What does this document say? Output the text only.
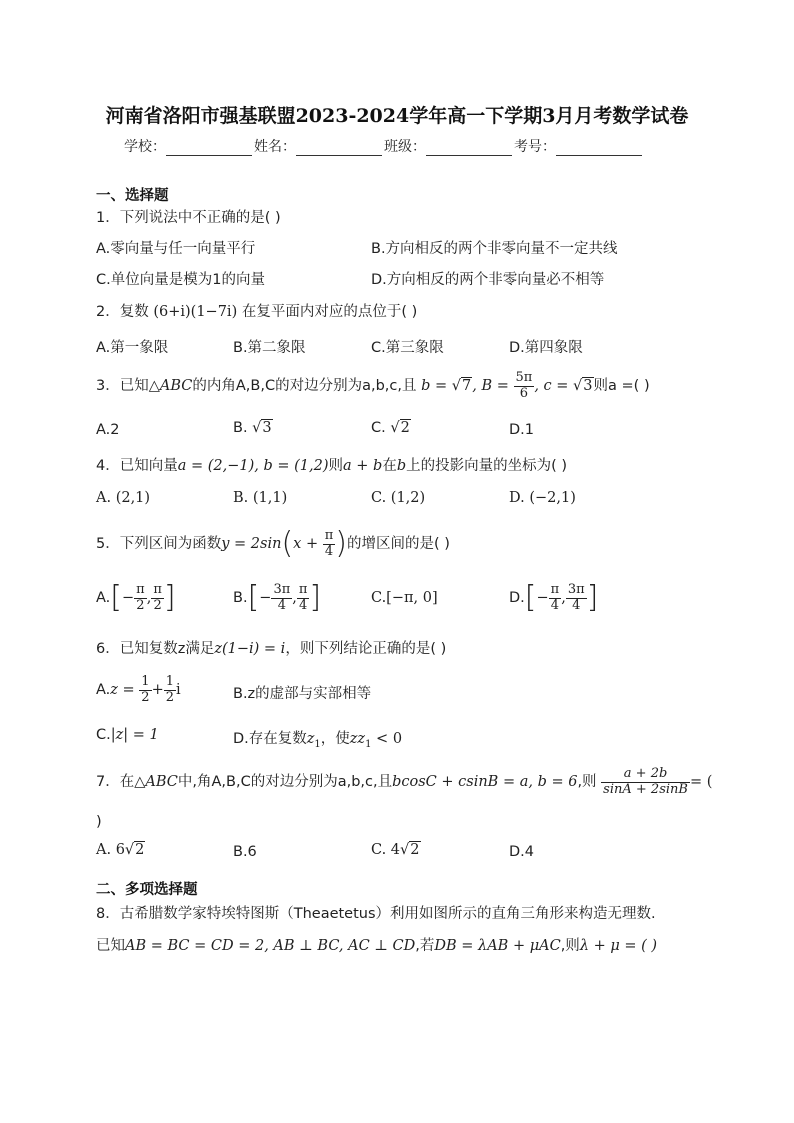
河南省洛阳市强基联盟2023-2024学年高一下学期3月月考数学试卷
学校：	姓名：	班级：	考号：
一、选择题
1．下列说法中不正确的是( )
A.零向量与任一向量平行	B.方向相反的两个非零向量不一定共线
C.单位向量是模为1的向量	D.方向相反的两个非零向量必不相等
2．复数 (6+i)(1−7i) 在复平面内对应的点位于( )
A.第一象限	B.第二象限	C.第三象限	D.第四象限
3．已知△ABC的内角A,B,C的对边分别为a,b,c,且 b = √7, $B = \frac{5\pi}{6}$ , c = √3则a =( )
A.2	B. √3	C. √2	D.1
4．已知向量a = (2,−1), b = (1,2)则a + b在b上的投影向量的坐标为( )
A. (2,1)	B. (1,1)	C. (1,2)	D. (−2,1)
5．下列区间为函数$y = 2\sin(x + \frac{\pi}{4}$ )的增区间的是( )
$A.[- \frac{\pi}{2}$ , $\frac{\pi}{2}$ ]	$B.[- \frac{3\pi}{4}$ , $\frac{\pi}{4}$ ]	C.[−π, 0]	$D.[- \frac{\pi}{4}$ , $\frac{3\pi}{4}$ ]
6．已知复数z满足z(1−i) = i，则下列结论正确的是( )
$A.z = \frac{1}{2} + \frac{1}{2}$ i	B.z的虚部与实部相等
C.|z| = 1	D.存在复数$z_1$，使$zz_1 < 0$
7．在△ABC中,角A,B,C的对边分别为a,b,c,且bcosC + csinB = a, b = 6,则 $\frac{a + 2b}{\sin A + 2\sin B}$ = (
)
A. 6√2	B.6	C. 4√2	D.4
二、多项选择题
8．古希腊数学家特埃特图斯（Theaetetus）利用如图所示的直角三角形来构造无理数.
已知AB = BC = CD = 2, AB ⊥ BC, AC ⊥ CD,若DB = λAB + μAC,则λ + μ = ( )
